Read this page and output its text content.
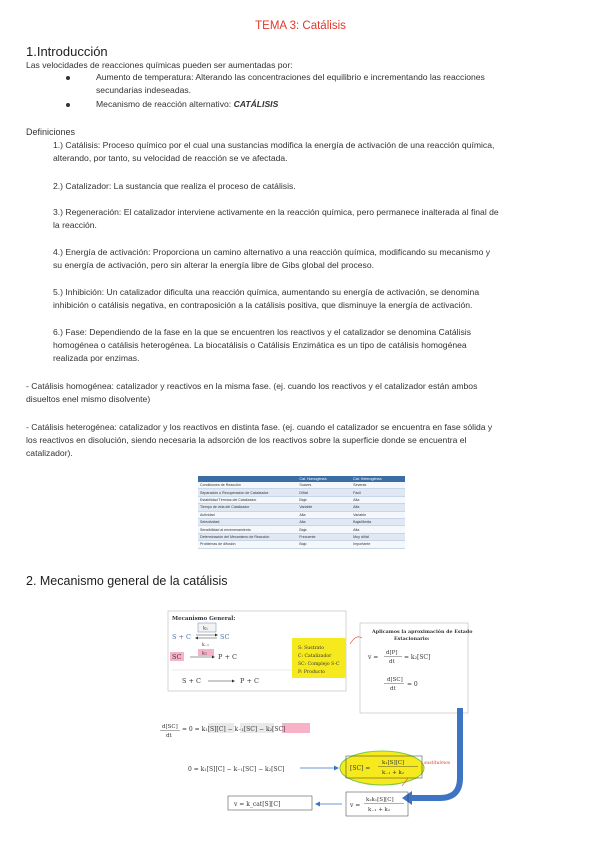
TEMA 3: Catálisis
1.Introducción
Las velocidades de reacciones químicas pueden ser aumentadas por:
Aumento de temperatura: Alterando las concentraciones del equilibrio e incrementando las reacciones
secundarias indeseadas.
Mecanismo de reacción alternativo: CATÁLISIS
Definiciones
1.) Catálisis: Proceso químico por el cual una sustancias modifica la energía de activación de una reacción química,
alterando, por tanto, su velocidad de reacción se ve afectada.
2.) Catalizador: La sustancia que realiza el proceso de catálisis.
3.) Regeneración: El catalizador interviene activamente en la reacción química, pero permanece inalterada al final de
la reacción.
4.) Energía de activación: Proporciona un camino alternativo a una reacción química, modificando su mecanismo y
su energía de activación, pero sin alterar la energía libre de Gibs global del proceso.
5.) Inhibición: Un catalizador dificulta una reacción química, aumentando su energía de activación, se denomina
inhibición o catálisis negativa, en contraposición a la catálisis positiva, que disminuye la energía de activación.
6.) Fase: Dependiendo de la fase en la que se encuentren los reactivos y el catalizador se denomina Catálisis
homogénea o catálisis heterogénea. La biocatálisis o Catálisis Enzimática es un tipo de catálisis homogénea
realizada por enzimas.
- Catálisis homogénea: catalizador y reactivos en la misma fase. (ej. cuando los reactivos y el catalizador están ambos
disueltos enel mismo disolvente)
- Catálisis heterogénea: catalizador y los reactivos en distinta fase. (ej. cuando el catalizador se encuentra en fase sólida y
los reactivos en disolución, siendo necesaria la adsorción de los reactivos sobre la superficie donde se encuentra el
catalizador).
	Cat. Homogénea	Cat. Heterogénea
Condiciones de Reacción	Suaves	Severas
Separación u Recuperación de Catalizador	Difícil	Fácil
Estabilidad Térmica del Catalizador	Baja	Alta
Tiempo de vida del Catalizador	Variable	Alta
Actividad	Alta	Variable
Selectividad	Alta	Baja/Media
Sensibilidad al envenenamiento	Baja	Alta
Determinación del Mecanismo de Reacción	Frecuente	Muy difícil
Problemas de difusión	Bajo	Importante
2. Mecanismo general de la catálisis
Mecanismo General:
k₁
S + C	SC
k₋₁
SC	k₂ P + C
S + C	P + C
S: Sustrato
C: Catalizador
SC: Complejo S-C
P: Producto
Aplicamos la aproximación de Estado
Estacionario:
v =
d[P]
dt
= k₂[SC]
d[SC]
dt
= 0
d[SC]
dt
= 0 = k₁[S][C] − k₋₁[SC] − k₂[SC]
0 = k₁[S][C] − k₋₁[SC] − k₂[SC]	[SC] =
k₁[S][C]
k₋₁ + k₂
sustituimos
v =
k₂k₁[S][C]
k₋₁ + k₂
v = k_cat[S][C]
